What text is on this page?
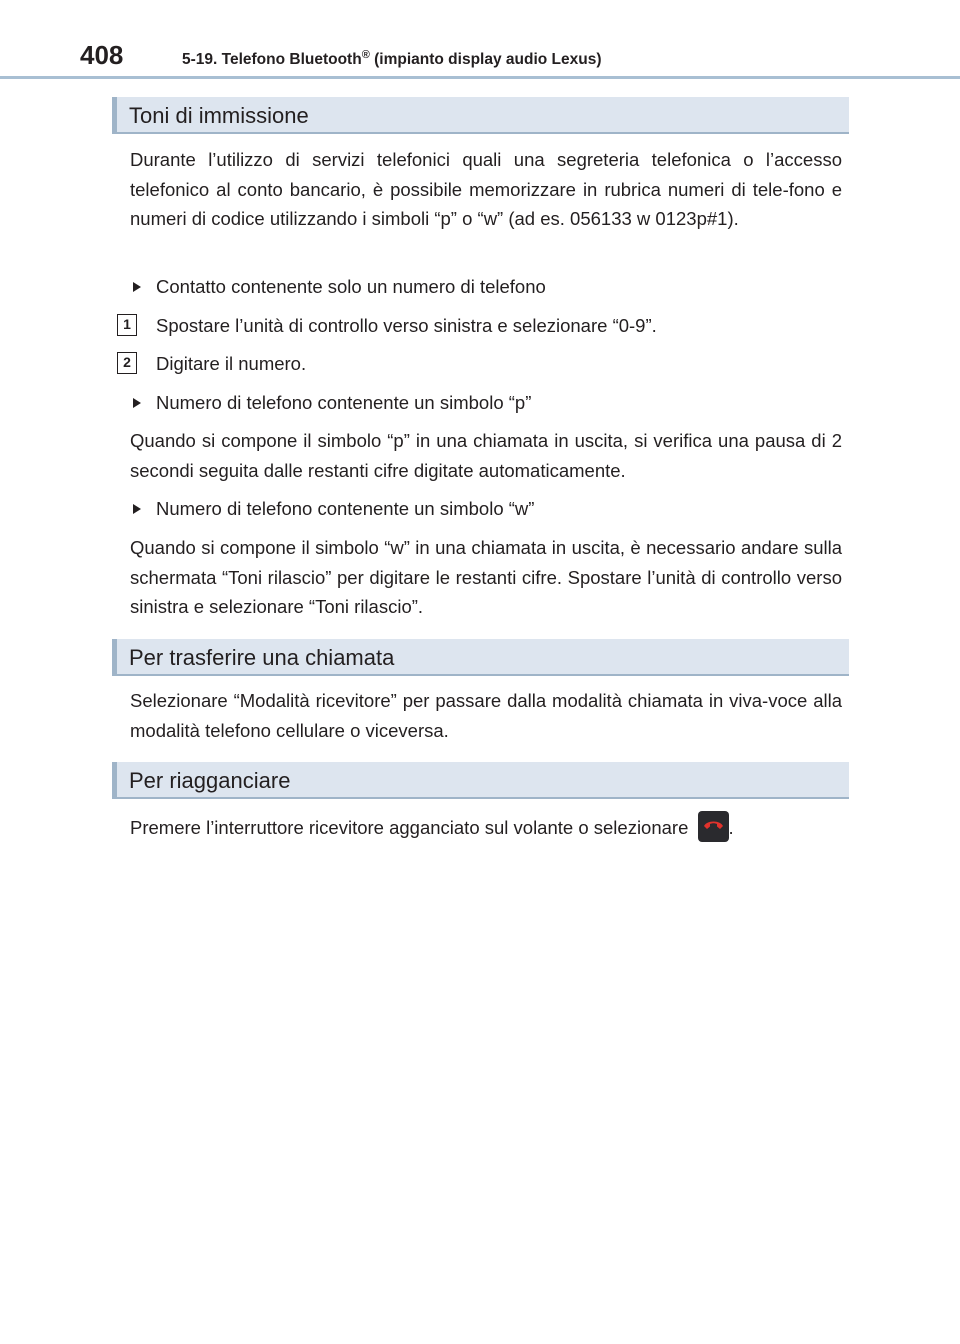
408	5-19. Telefono Bluetooth® (impianto display audio Lexus)
Toni di immissione

Durante l’utilizzo di servizi telefonici quali una segreteria telefonica o l’accesso telefonico al conto bancario, è possibile memorizzare in rubrica numeri di tele-fono e numeri di codice utilizzando i simboli “p” o “w” (ad es. 056133 w 0123p#1).

Contatto contenente solo un numero di telefono
1	Spostare l’unità di controllo verso sinistra e selezionare “0-9”.
2	Digitare il numero.
Numero di telefono contenente un simbolo “p”

Quando si compone il simbolo “p” in una chiamata in uscita, si verifica una pausa di 2 secondi seguita dalle restanti cifre digitate automaticamente.

Numero di telefono contenente un simbolo “w”

Quando si compone il simbolo “w” in una chiamata in uscita, è necessario andare sulla schermata “Toni rilascio” per digitare le restanti cifre. Spostare l’unità di controllo verso sinistra e selezionare “Toni rilascio”.

Per trasferire una chiamata

Selezionare “Modalità ricevitore” per passare dalla modalità chiamata in viva-voce alla modalità telefono cellulare o viceversa.

Per riagganciare

Premere l’interruttore ricevitore agganciato sul volante o selezionare .
